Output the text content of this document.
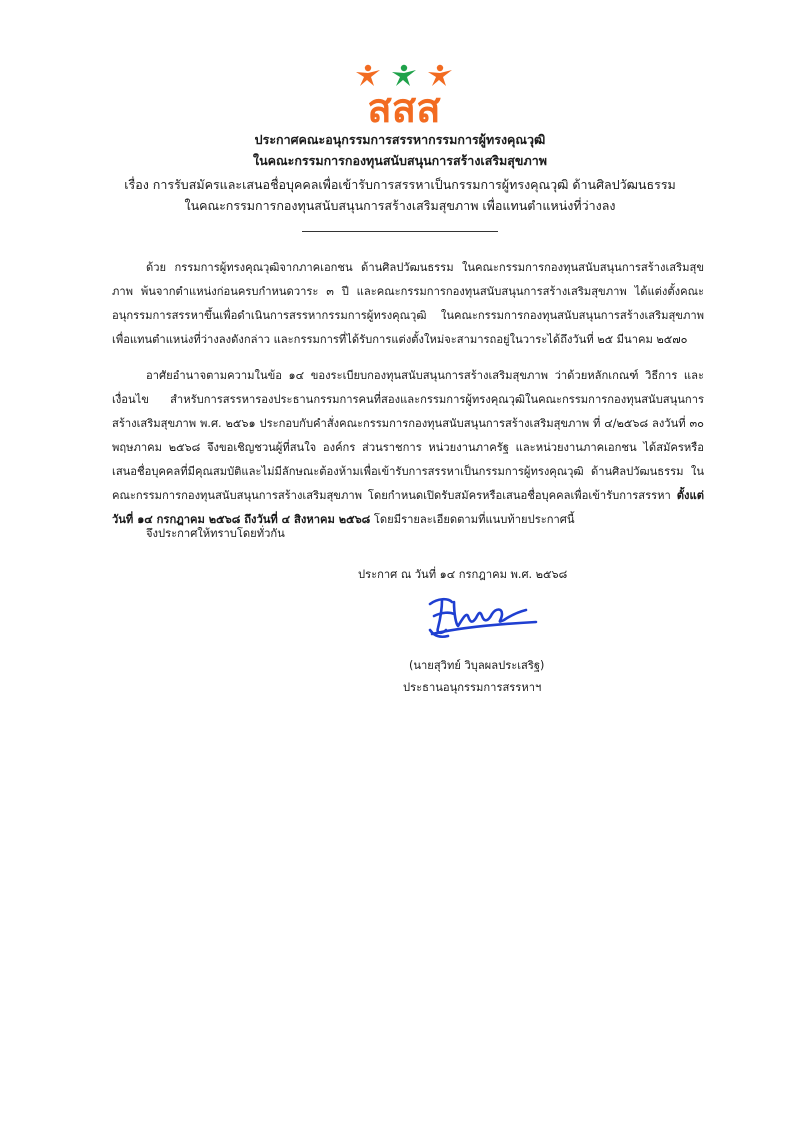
สสส
ประกาศคณะอนุกรรมการสรรหากรรมการผู้ทรงคุณวุฒิ
ในคณะกรรมการกองทุนสนับสนุนการสร้างเสริมสุขภาพ
เรื่อง การรับสมัครและเสนอชื่อบุคคลเพื่อเข้ารับการสรรหาเป็นกรรมการผู้ทรงคุณวุฒิ ด้านศิลปวัฒนธรรม
ในคณะกรรมการกองทุนสนับสนุนการสร้างเสริมสุขภาพ เพื่อแทนตำแหน่งที่ว่างลง

ด้วย กรรมการผู้ทรงคุณวุฒิจากภาคเอกชน ด้านศิลปวัฒนธรรม ในคณะกรรมการกองทุนสนับสนุนการสร้างเสริมสุขภาพ พ้นจากตำแหน่งก่อนครบกำหนดวาระ ๓ ปี และคณะกรรมการกองทุนสนับสนุนการสร้างเสริมสุขภาพ ได้แต่งตั้งคณะอนุกรรมการสรรหาขึ้นเพื่อดำเนินการสรรหากรรมการผู้ทรงคุณวุฒิ ในคณะกรรมการกองทุนสนับสนุนการสร้างเสริมสุขภาพ เพื่อแทนตำแหน่งที่ว่างลงดังกล่าว และกรรมการที่ได้รับการแต่งตั้งใหม่จะสามารถอยู่ในวาระได้ถึงวันที่ ๒๕ มีนาคม ๒๕๗๐

อาศัยอำนาจตามความในข้อ ๑๔ ของระเบียบกองทุนสนับสนุนการสร้างเสริมสุขภาพ ว่าด้วยหลักเกณฑ์ วิธีการ และเงื่อนไข สำหรับการสรรหารองประธานกรรมการคนที่สองและกรรมการผู้ทรงคุณวุฒิในคณะกรรมการกองทุนสนับสนุนการสร้างเสริมสุขภาพ พ.ศ. ๒๕๖๑ ประกอบกับคำสั่งคณะกรรมการกองทุนสนับสนุนการสร้างเสริมสุขภาพ ที่ ๔/๒๕๖๘ ลงวันที่ ๓๐ พฤษภาคม ๒๕๖๘ จึงขอเชิญชวนผู้ที่สนใจ องค์กร ส่วนราชการ หน่วยงานภาครัฐ และหน่วยงานภาคเอกชน ได้สมัครหรือเสนอชื่อบุคคลที่มีคุณสมบัติและไม่มีลักษณะต้องห้ามเพื่อเข้ารับการสรรหาเป็นกรรมการผู้ทรงคุณวุฒิ ด้านศิลปวัฒนธรรม ในคณะกรรมการกองทุนสนับสนุนการสร้างเสริมสุขภาพ โดยกำหนดเปิดรับสมัครหรือเสนอชื่อบุคคลเพื่อเข้ารับการสรรหา ตั้งแต่วันที่ ๑๔ กรกฎาคม ๒๕๖๘ ถึงวันที่ ๔ สิงหาคม ๒๕๖๘ โดยมีรายละเอียดตามที่แนบท้ายประกาศนี้

จึงประกาศให้ทราบโดยทั่วกัน
ประกาศ ณ วันที่ ๑๔ กรกฎาคม พ.ศ. ๒๕๖๘
(นายสุวิทย์ วิบุลผลประเสริฐ)
ประธานอนุกรรมการสรรหาฯ
